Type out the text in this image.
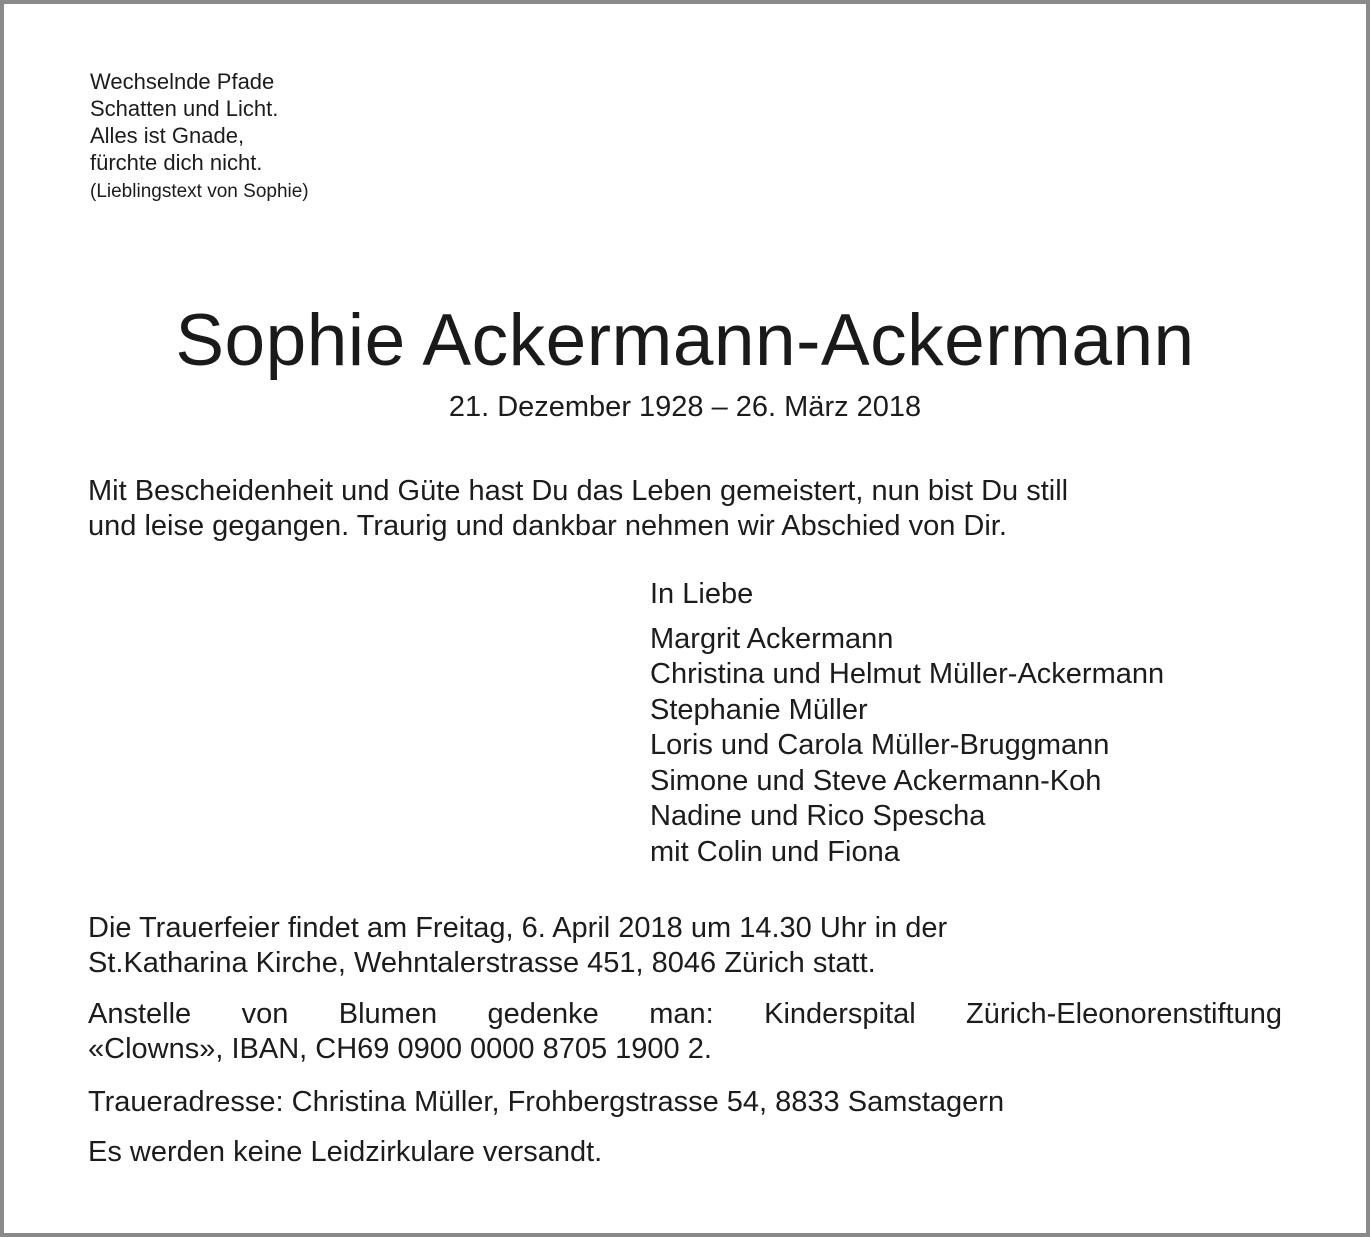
Wechselnde Pfade
Schatten und Licht.
Alles ist Gnade,
fürchte dich nicht.
(Lieblingstext von Sophie)
Sophie Ackermann-Ackermann
21. Dezember 1928 – 26. März 2018
Mit Bescheidenheit und Güte hast Du das Leben gemeistert, nun bist Du still
und leise gegangen. Traurig und dankbar nehmen wir Abschied von Dir.
In Liebe
Margrit Ackermann
Christina und Helmut Müller-Ackermann
Stephanie Müller
Loris und Carola Müller-Bruggmann
Simone und Steve Ackermann-Koh
Nadine und Rico Spescha
mit Colin und Fiona
Die Trauerfeier findet am Freitag, 6. April 2018 um 14.30 Uhr in der
St.Katharina Kirche, Wehntalerstrasse 451, 8046 Zürich statt.
Anstelle von Blumen gedenke man: Kinderspital Zürich-Eleonorenstiftung
«Clowns», IBAN, CH69 0900 0000 8705 1900 2.
Traueradresse: Christina Müller, Frohbergstrasse 54, 8833 Samstagern
Es werden keine Leidzirkulare versandt.
